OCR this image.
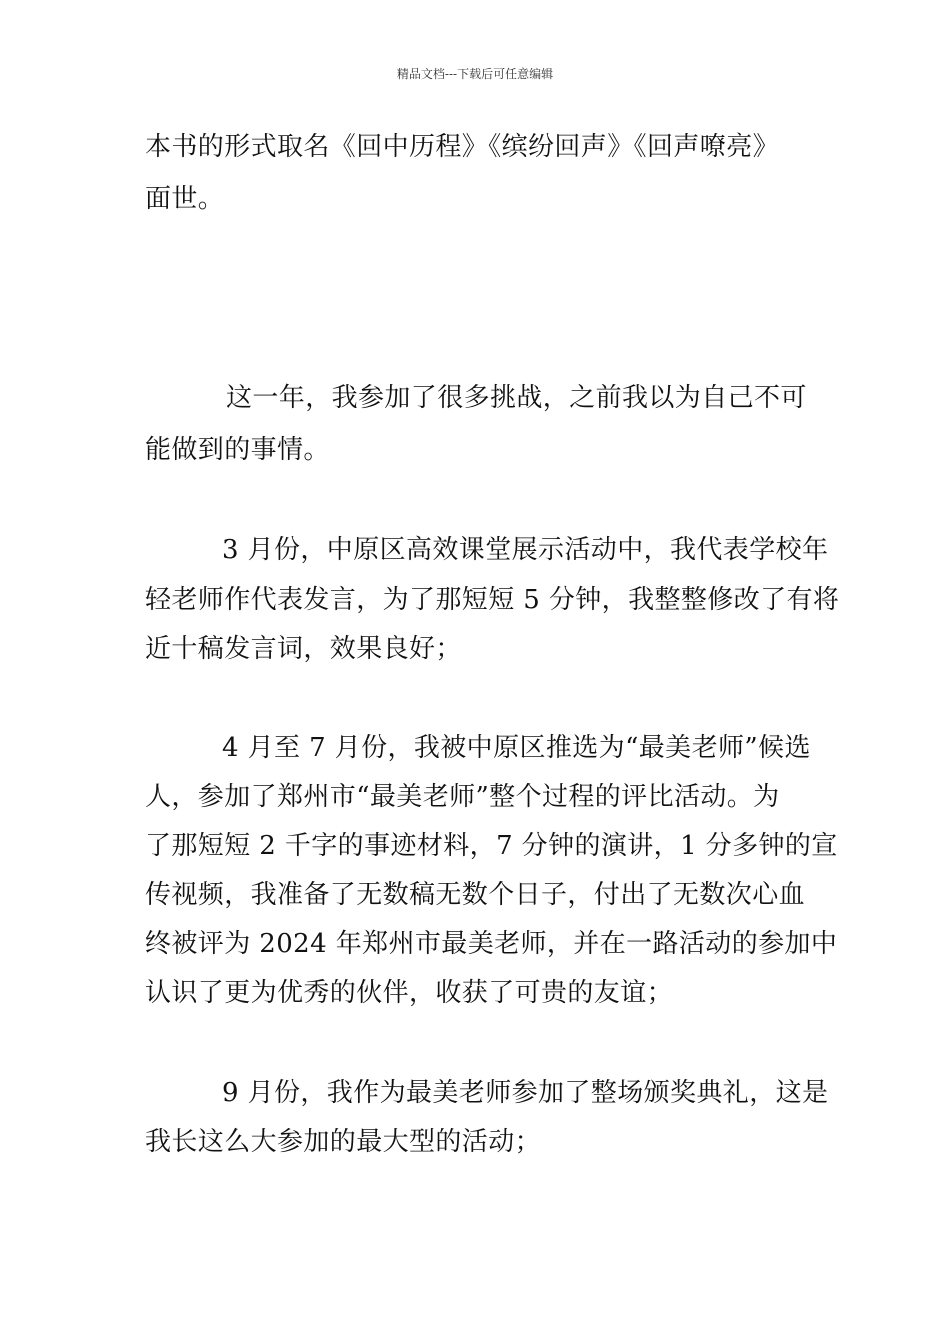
精品文档---下载后可任意编辑
本书的形式取名《回中历程》《缤纷回声》《回声嘹亮》
面世。
这一年，我参加了很多挑战，之前我以为自己不可
能做到的事情。
3 月份，中原区高效课堂展示活动中，我代表学校年
轻老师作代表发言，为了那短短 5 分钟，我整整修改了有将
近十稿发言词，效果良好；
4 月至 7 月份，我被中原区推选为“最美老师”候选
人，参加了郑州市“最美老师”整个过程的评比活动。为
了那短短 2 千字的事迹材料，7 分钟的演讲，1 分多钟的宣
传视频，我准备了无数稿无数个日子，付出了无数次心血
终被评为 2024 年郑州市最美老师，并在一路活动的参加中
认识了更为优秀的伙伴，收获了可贵的友谊；
9 月份，我作为最美老师参加了整场颁奖典礼，这是
我长这么大参加的最大型的活动；
